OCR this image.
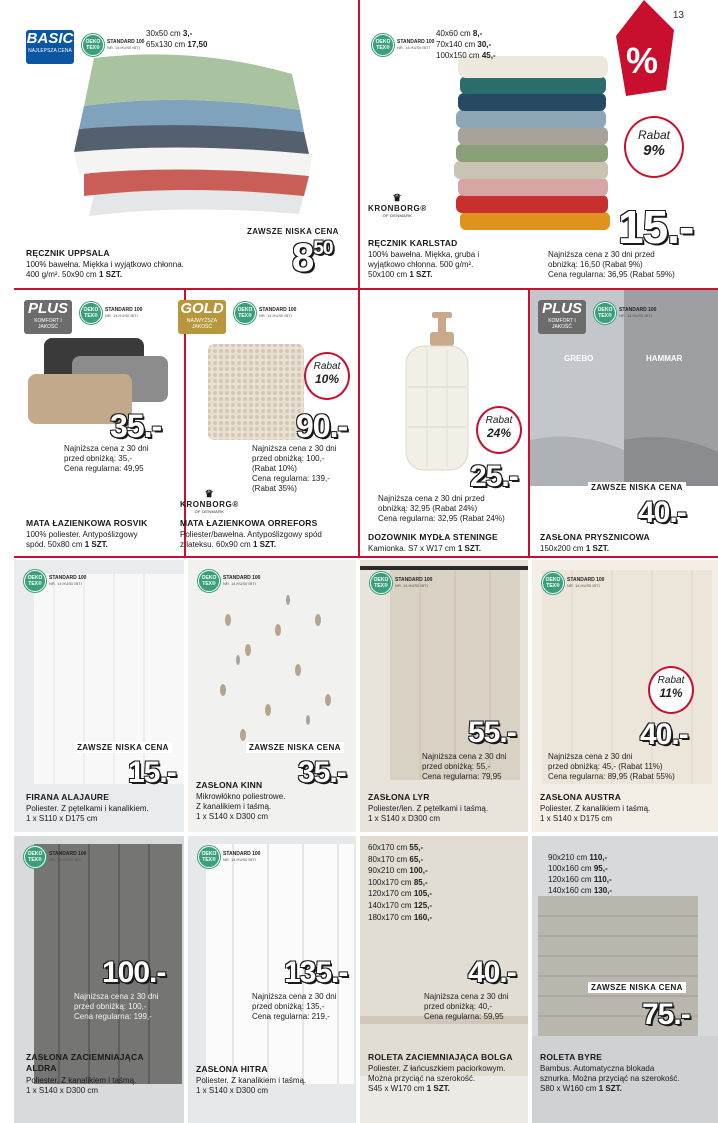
13
BASIC
NAJLEPSZA CENA
OEKO TEX®
STANDARD 100
NR. 14.HUS0 IBTI
30x50 cm 3,-
65x130 cm 17,50
ZAWSZE NISKA CENA
RĘCZNIK UPPSALA
100% bawełna. Miękka i wyjątkowo chłonna.
400 g/m². 50x90 cm 1 SZT.	$8^{50}$
%
OEKO TEX®
STANDARD 100
NR. 14.HUS0 IBTI
40x60 cm 8,-
70x140 cm 30,-
100x150 cm 45,-
Rabat
9%
♛
KRONBORG®
OF DENMARK	15.-
RĘCZNIK KARLSTAD
100% bawełna. Miękka, gruba i
wyjątkowo chłonna. 500 g/m².
50x100 cm 1 SZT.
Najniższa cena z 30 dni przed
obniżką: 16,50 (Rabat 9%)
Cena regularna: 36,95 (Rabat 59%)
PLUS
KOMFORT I JAKOŚĆ
OEKO TEX®
STANDARD 100
NR. 14.HUS0 IBTI
35.-
Najniższa cena z 30 dni
przed obniżką: 35,-
Cena regularna: 49,95
MATA ŁAZIENKOWA ROSVIK
100% poliester. Antypoślizgowy
spód. 50x80 cm 1 SZT.
GOLD
NAJWYŻSZA JAKOŚĆ
OEKO TEX®
STANDARD 100
NR. 14.HUS0 IBTI
Rabat
10%
90.-
Najniższa cena z 30 dni
przed obniżką: 100,-
(Rabat 10%)
Cena regularna: 139,-
(Rabat 35%)
♛
KRONBORG®
OF DENMARK
MATA ŁAZIENKOWA ORREFORS
Poliester/bawełna. Antypoślizgowy spód
z lateksu. 60x90 cm 1 SZT.
Rabat
24%
25.-
Najniższa cena z 30 dni przed
obniżką: 32,95 (Rabat 24%)
Cena regularna: 32,95 (Rabat 24%)
DOZOWNIK MYDŁA STENINGE
Kamionka. S7 x W17 cm 1 SZT.
PLUS
KOMFORT I JAKOŚĆ
OEKO TEX®
STANDARD 100
NR. 14.HUS0 IBTI
GREBO	HAMMAR
ZAWSZE NISKA CENA
40.-
ZASŁONA PRYSZNICOWA
150x200 cm 1 SZT.
OEKO TEX®
STANDARD 100
NR. 14.HUS0 IBTI
ZAWSZE NISKA CENA
15.-
FIRANA ALAJAURE
Poliester. Z pętelkami i kanalikiem.
1 x S110 x D175 cm
OEKO TEX®
STANDARD 100
NR. 14.HUS0 IBTI
ZAWSZE NISKA CENA
35.-
ZASŁONA KINN
Mikrowłókno poliestrowe.
Z kanalikiem i taśmą.
1 x S140 x D300 cm
OEKO TEX®
STANDARD 100
NR. 14.HUS0 IBTI
55.-
Najniższa cena z 30 dni
przed obniżką: 55,-
Cena regularna: 79,95
ZASŁONA LYR
Poliester/len. Z pętelkami i taśmą.
1 x S140 x D300 cm
OEKO TEX®
STANDARD 100
NR. 14.HUS0 IBTI
Rabat
11%
40.-
Najniższa cena z 30 dni
przed obniżką: 45,- (Rabat 11%)
Cena regularna: 89,95 (Rabat 55%)
ZASŁONA AUSTRA
Poliester. Z kanalikiem i taśmą.
1 x S140 x D175 cm
OEKO TEX®
STANDARD 100
NR. 14.HUS0 IBTI
100.-
Najniższa cena z 30 dni
przed obniżką: 100,-
Cena regularna: 199,-
ZASŁONA ZACIEMNIAJĄCA
ALDRA
Poliester. Z kanalikiem i taśmą.
1 x S140 x D300 cm
OEKO TEX®
STANDARD 100
NR. 14.HUS0 IBTI
135.-
Najniższa cena z 30 dni
przed obniżką: 135,-
Cena regularna: 219,-
ZASŁONA HITRA
Poliester. Z kanalikiem i taśmą.
1 x S140 x D300 cm
60x170 cm 55,-
80x170 cm 65,-
90x210 cm 100,-
100x170 cm 85,-
120x170 cm 105,-
140x170 cm 125,-
180x170 cm 160,-
40.-
Najniższa cena z 30 dni
przed obniżką: 40,-
Cena regularna: 59,95
ROLETA ZACIEMNIAJĄCA BOLGA
Poliester. Z łańcuszkiem paciorkowym.
Można przyciąć na szerokość.
S45 x W170 cm 1 SZT.
90x210 cm 110,-
100x160 cm 95,-
120x160 cm 110,-
140x160 cm 130,-
ZAWSZE NISKA CENA
75.-
ROLETA BYRE
Bambus. Automatyczna blokada
sznurka. Można przyciąć na szerokość.
S80 x W160 cm 1 SZT.
